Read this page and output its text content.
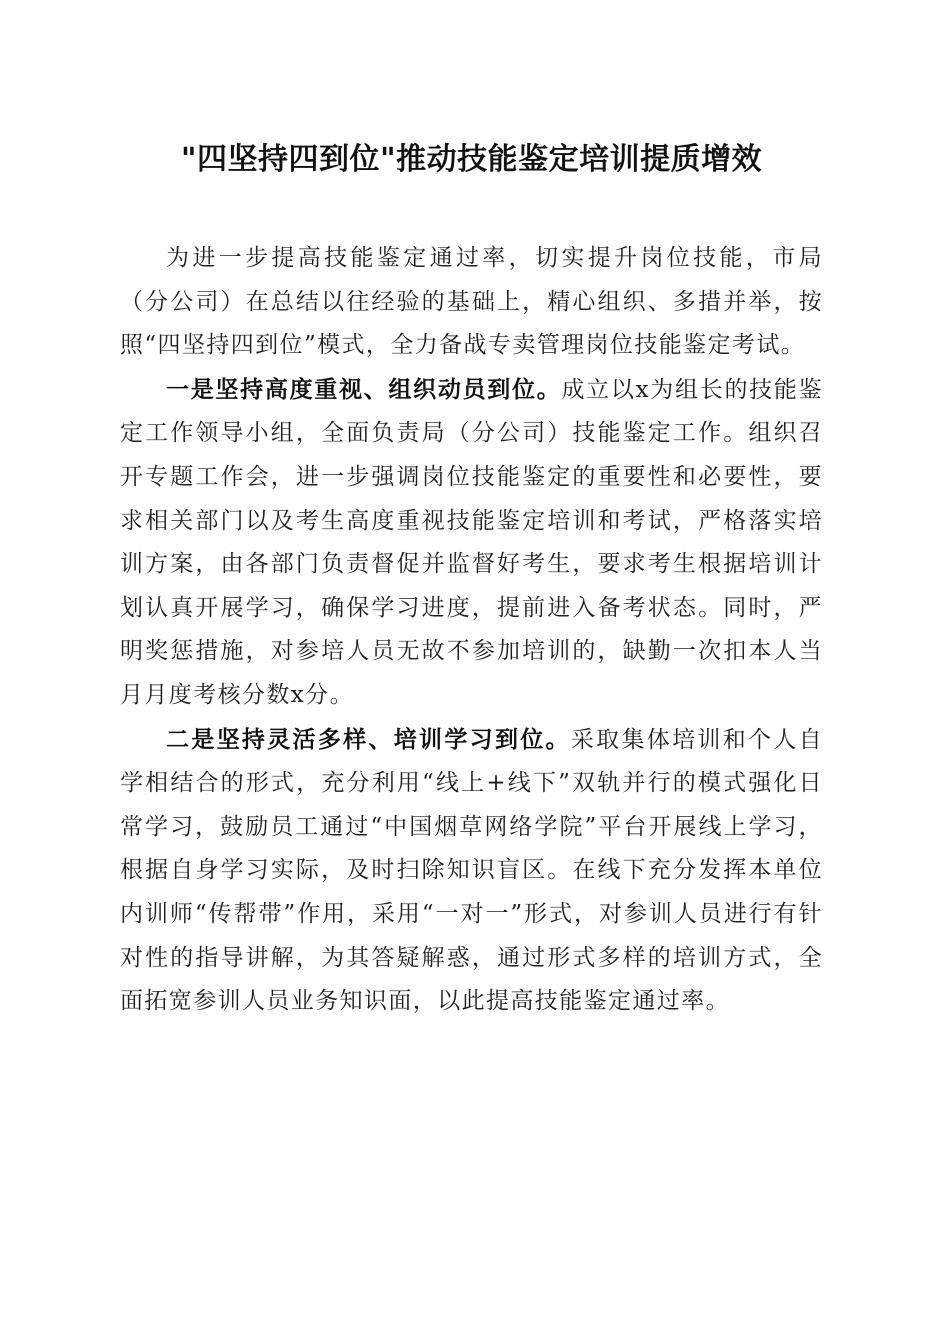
"四坚持四到位"推动技能鉴定培训提质增效

为进一步提高技能鉴定通过率，切实提升岗位技能，市局（分公司）在总结以往经验的基础上，精心组织、多措并举，按照“四坚持四到位”模式，全力备战专卖管理岗位技能鉴定考试。

一是坚持高度重视、组织动员到位。成立以x为组长的技能鉴定工作领导小组，全面负责局（分公司）技能鉴定工作。组织召开专题工作会，进一步强调岗位技能鉴定的重要性和必要性，要求相关部门以及考生高度重视技能鉴定培训和考试，严格落实培训方案，由各部门负责督促并监督好考生，要求考生根据培训计划认真开展学习，确保学习进度，提前进入备考状态。同时，严明奖惩措施，对参培人员无故不参加培训的，缺勤一次扣本人当月月度考核分数x分。

二是坚持灵活多样、培训学习到位。采取集体培训和个人自学相结合的形式，充分利用“线上+线下”双轨并行的模式强化日常学习，鼓励员工通过“中国烟草网络学院”平台开展线上学习，根据自身学习实际，及时扫除知识盲区。在线下充分发挥本单位内训师“传帮带”作用，采用“一对一”形式，对参训人员进行有针对性的指导讲解，为其答疑解惑，通过形式多样的培训方式，全面拓宽参训人员业务知识面，以此提高技能鉴定通过率。
